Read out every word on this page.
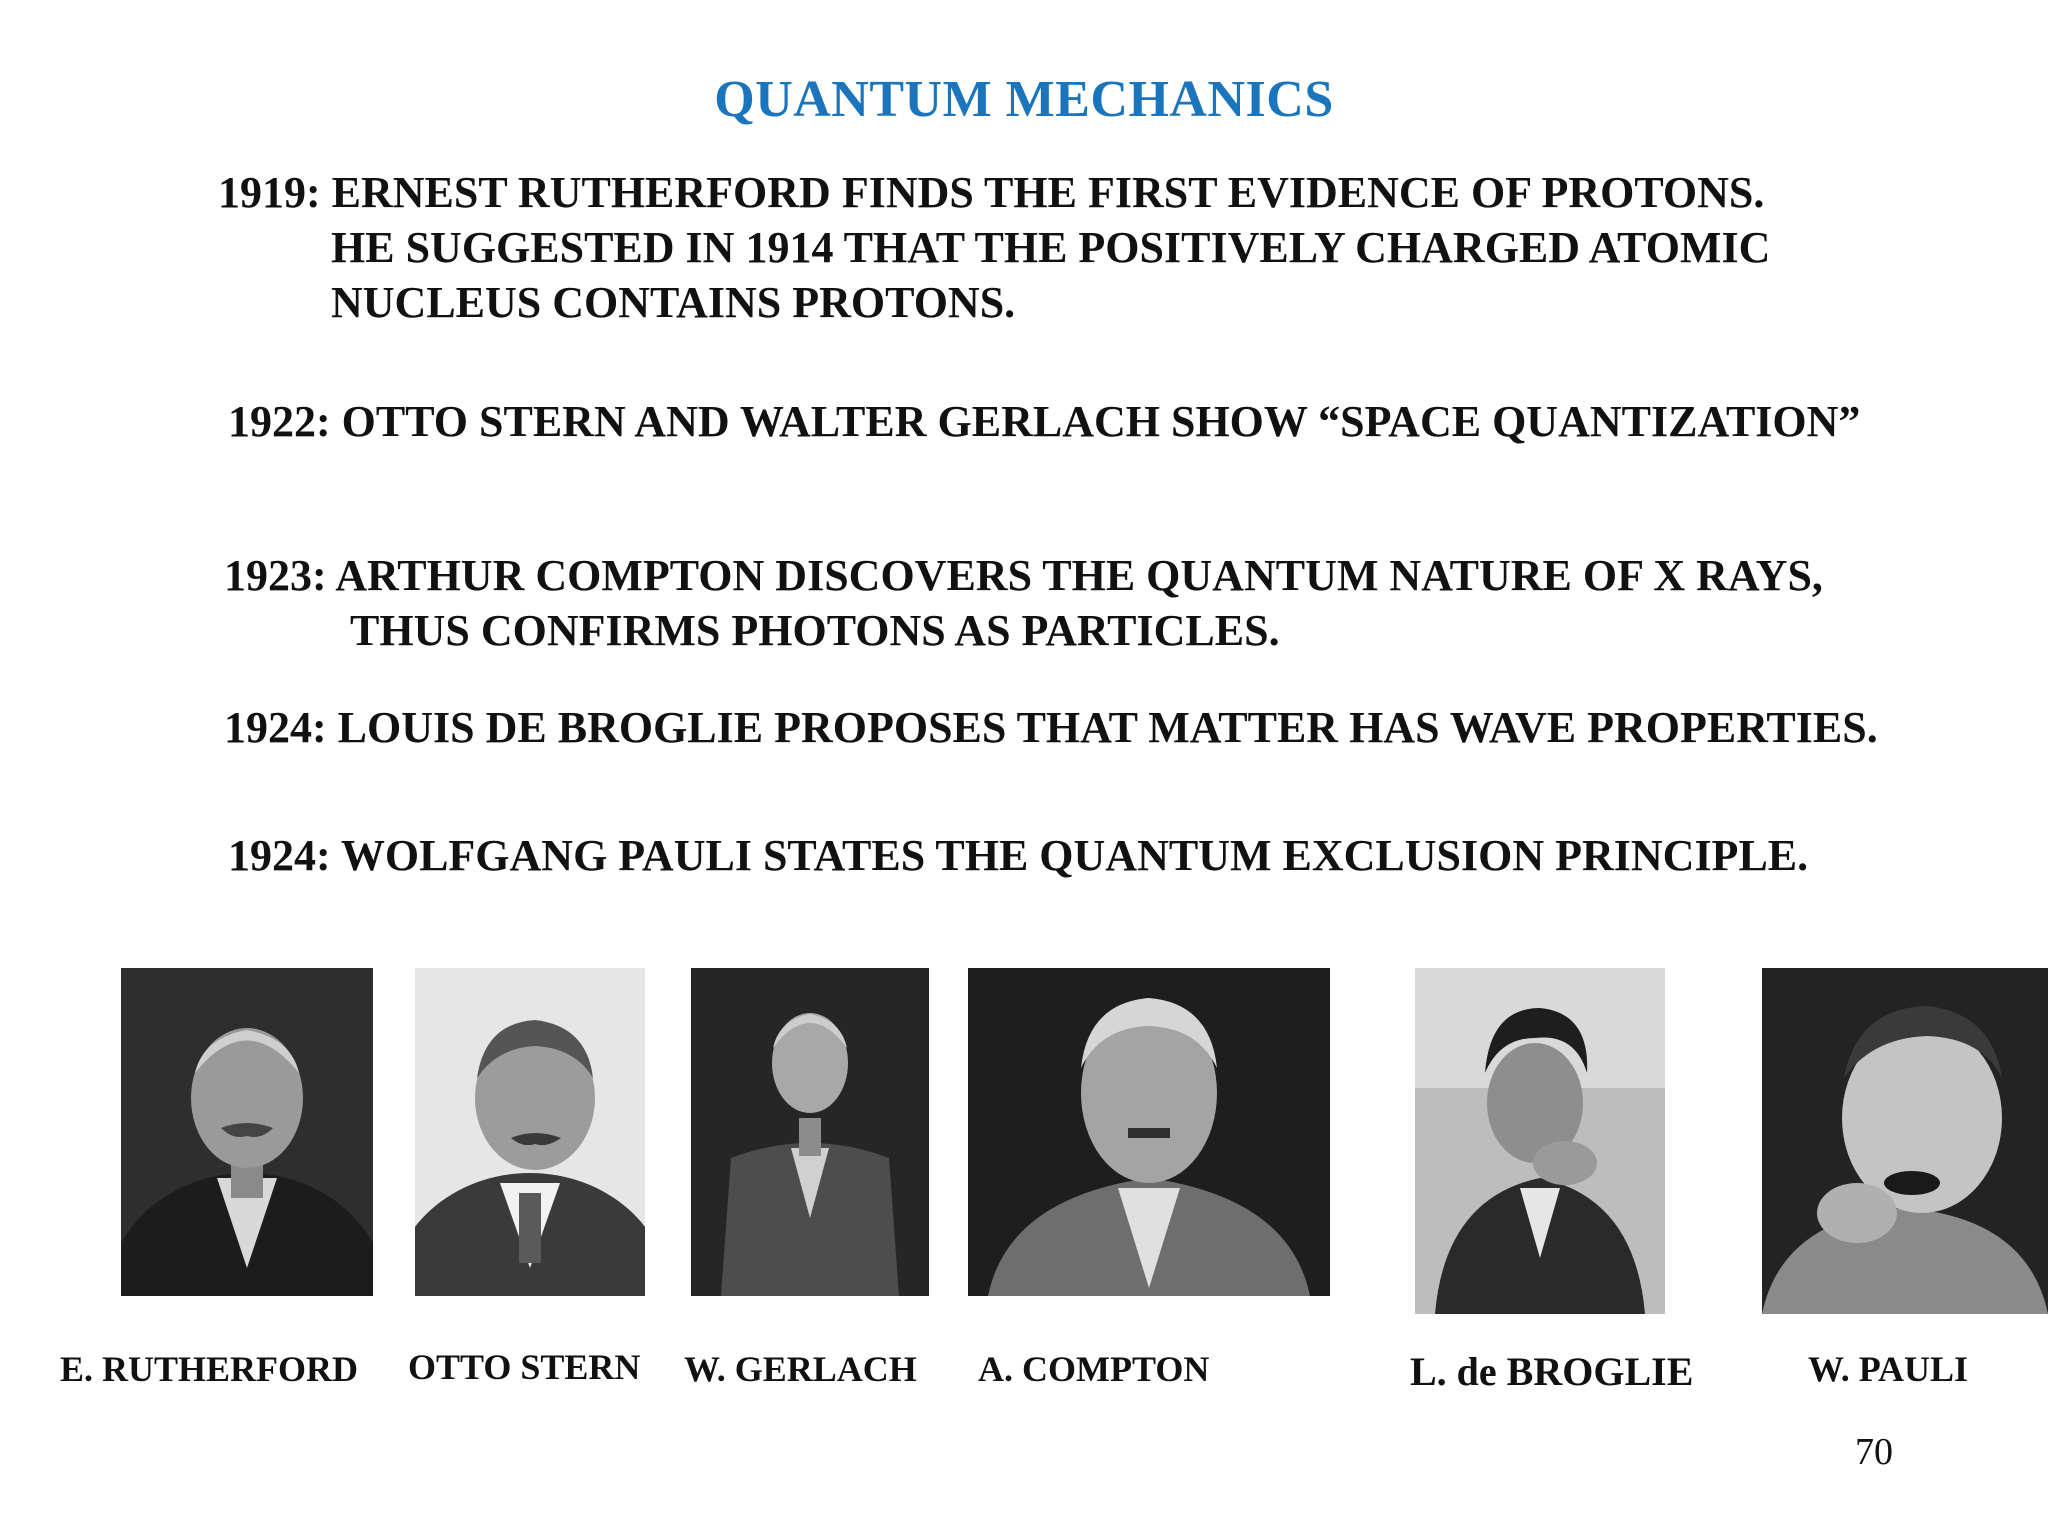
QUANTUM MECHANICS
1919: ERNEST RUTHERFORD FINDS THE FIRST EVIDENCE OF PROTONS.
HE SUGGESTED IN 1914 THAT THE POSITIVELY CHARGED ATOMIC
NUCLEUS CONTAINS PROTONS.
1922: OTTO STERN AND WALTER GERLACH SHOW “SPACE QUANTIZATION”
1923: ARTHUR COMPTON DISCOVERS THE QUANTUM NATURE OF X RAYS,
THUS CONFIRMS PHOTONS AS PARTICLES.
1924: LOUIS DE BROGLIE PROPOSES THAT MATTER HAS WAVE PROPERTIES.
1924: WOLFGANG PAULI STATES THE QUANTUM EXCLUSION PRINCIPLE.
E. RUTHERFORD OTTO STERN W. GERLACH A. COMPTON	L. de BROGLIE	W. PAULI
70
